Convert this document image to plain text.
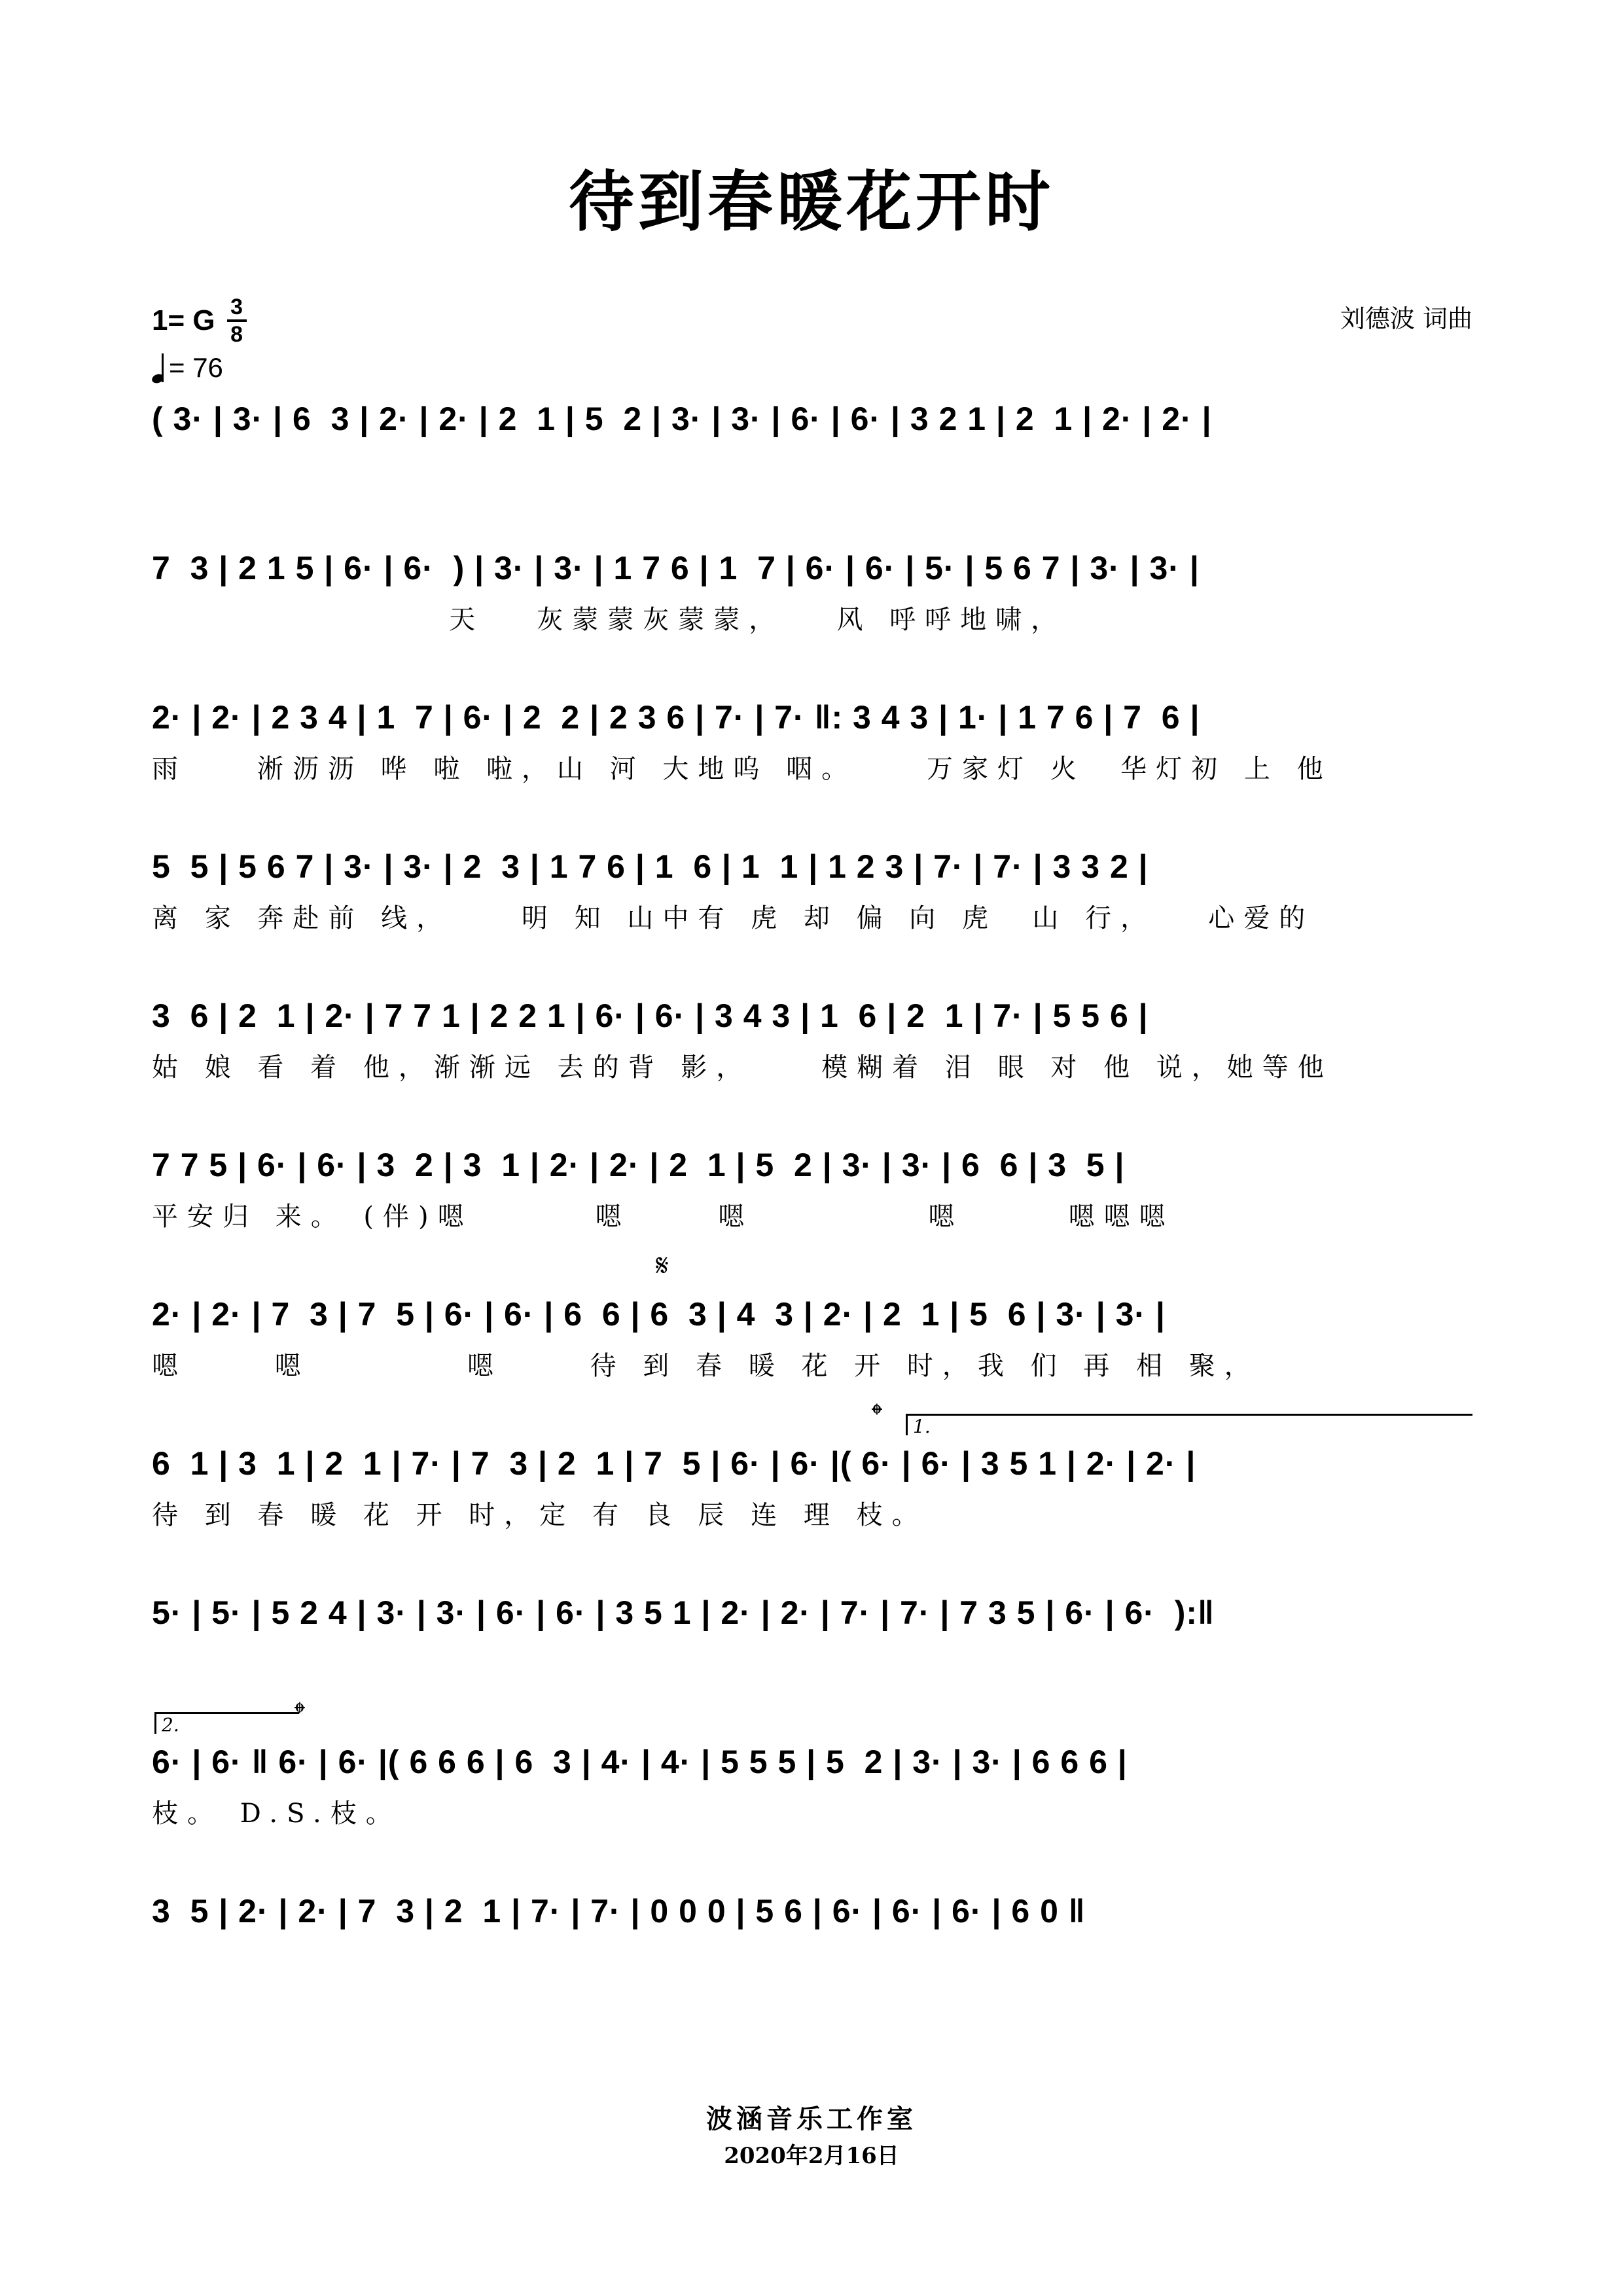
待到春暖花开时
1= G 3
8
= 76
刘德波 词曲
( 3· | 3· | 6  3 | 2· | 2· | 2  1 | 5  2 | 3· | 3· | 6· | 6· | 3 2 1 | 2  1 | 2· | 2· |
7  3 | 2 1 5 | 6· | 6·  ) | 3· | 3· | 1 7 6 | 1  7 | 6· | 6· | 5· | 5 6 7 | 3· | 3· |
天   灰蒙蒙灰蒙蒙，   风 呼呼地啸，
2· | 2· | 2 3 4 | 1  7 | 6· | 2  2 | 2 3 6 | 7· | 7· ‖: 3 4 3 | 1· | 1 7 6 | 7  6 |
雨    淅沥沥 哗 啦 啦，山 河 大地呜 咽。    万家灯 火  华灯初 上 他
5  5 | 5 6 7 | 3· | 3· | 2  3 | 1 7 6 | 1  6 | 1  1 | 1 2 3 | 7· | 7· | 3 3 2 |
离 家 奔赴前 线，    明 知 山中有 虎 却 偏 向 虎  山 行，   心爱的
3  6 | 2  1 | 2· | 7 7 1 | 2 2 1 | 6· | 6· | 3 4 3 | 1  6 | 2  1 | 7· | 5 5 6 |
姑 娘 看 着 他，渐渐远 去的背 影，    模糊着 泪 眼 对 他 说，她等他
7 7 5 | 6· | 6· | 3  2 | 3  1 | 2· | 2· | 2  1 | 5  2 | 3· | 3· | 6  6 | 3  5 |
平安归 来。 (伴)嗯       嗯     嗯          嗯      嗯嗯嗯
𝄋
2· | 2· | 7  3 | 7  5 | 6· | 6· | 6  6 | 6  3 | 4  3 | 2· | 2  1 | 5  6 | 3· | 3· |
嗯     嗯         嗯     待 到 春 暖 花 开 时，我 们 再 相 聚，
𝄌	1.
6  1 | 3  1 | 2  1 | 7· | 7  3 | 2  1 | 7  5 | 6· | 6· |( 6· | 6· | 3 5 1 | 2· | 2· |
待 到 春 暖 花 开 时，定 有 良 辰 连 理 枝。
5· | 5· | 5 2 4 | 3· | 3· | 6· | 6· | 3 5 1 | 2· | 2· | 7· | 7· | 7 3 5 | 6· | 6·  ):‖
2.	𝄌
6· | 6· ‖ 6· | 6· |( 6 6 6 | 6  3 | 4· | 4· | 5 5 5 | 5  2 | 3· | 3· | 6 6 6 |
枝。 D.S.枝。
3  5 | 2· | 2· | 7  3 | 2  1 | 7· | 7· | 0 0 0 | 5 6 | 6· | 6· | 6· | 6 0 ‖
波涵音乐工作室
2020年2月16日
